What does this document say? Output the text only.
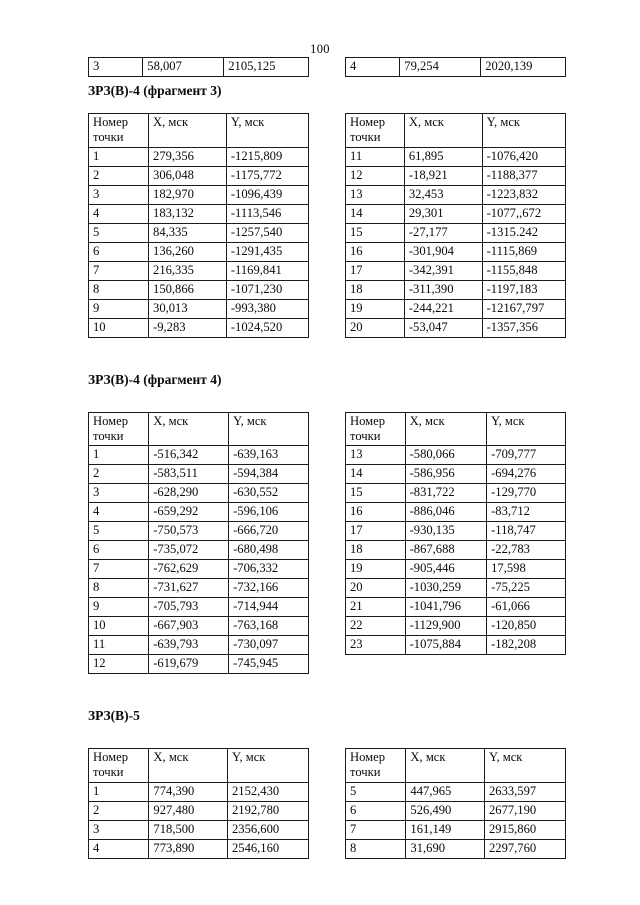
100
3	58,007	2105,125	4	79,254	2020,139
ЗРЗ(В)-4 (фрагмент 3)
Номер
точки	X, мск	Y, мск
1	279,356	-1215,809
2	306,048	-1175,772
3	182,970	-1096,439
4	183,132	-1113,546
5	84,335	-1257,540
6	136,260	-1291,435
7	216,335	-1169,841
8	150,866	-1071,230
9	30,013	-993,380
10	-9,283	-1024,520
Номер
точки	X, мск	Y, мск
11	61,895	-1076,420
12	-18,921	-1188,377
13	32,453	-1223,832
14	29,301	-1077,,672
15	-27,177	-1315.242
16	-301,904	-1115,869
17	-342,391	-1155,848
18	-311,390	-1197,183
19	-244,221	-12167,797
20	-53,047	-1357,356
ЗРЗ(В)-4 (фрагмент 4)
Номер
точки	X, мск	Y, мск
1	-516,342	-639,163
2	-583,511	-594,384
3	-628,290	-630,552
4	-659,292	-596,106
5	-750,573	-666,720
6	-735,072	-680,498
7	-762,629	-706,332
8	-731,627	-732,166
9	-705,793	-714,944
10	-667,903	-763,168
11	-639,793	-730,097
12	-619,679	-745,945
Номер
точки	X, мск	Y, мск
13	-580,066	-709,777
14	-586,956	-694,276
15	-831,722	-129,770
16	-886,046	-83,712
17	-930,135	-118,747
18	-867,688	-22,783
19	-905,446	17,598
20	-1030,259	-75,225
21	-1041,796	-61,066
22	-1129,900	-120,850
23	-1075,884	-182,208
ЗРЗ(В)-5
Номер
точки	X, мск	Y, мск
1	774,390	2152,430
2	927,480	2192,780
3	718,500	2356,600
4	773,890	2546,160
Номер
точки	X, мск	Y, мск
5	447,965	2633,597
6	526,490	2677,190
7	161,149	2915,860
8	31,690	2297,760
